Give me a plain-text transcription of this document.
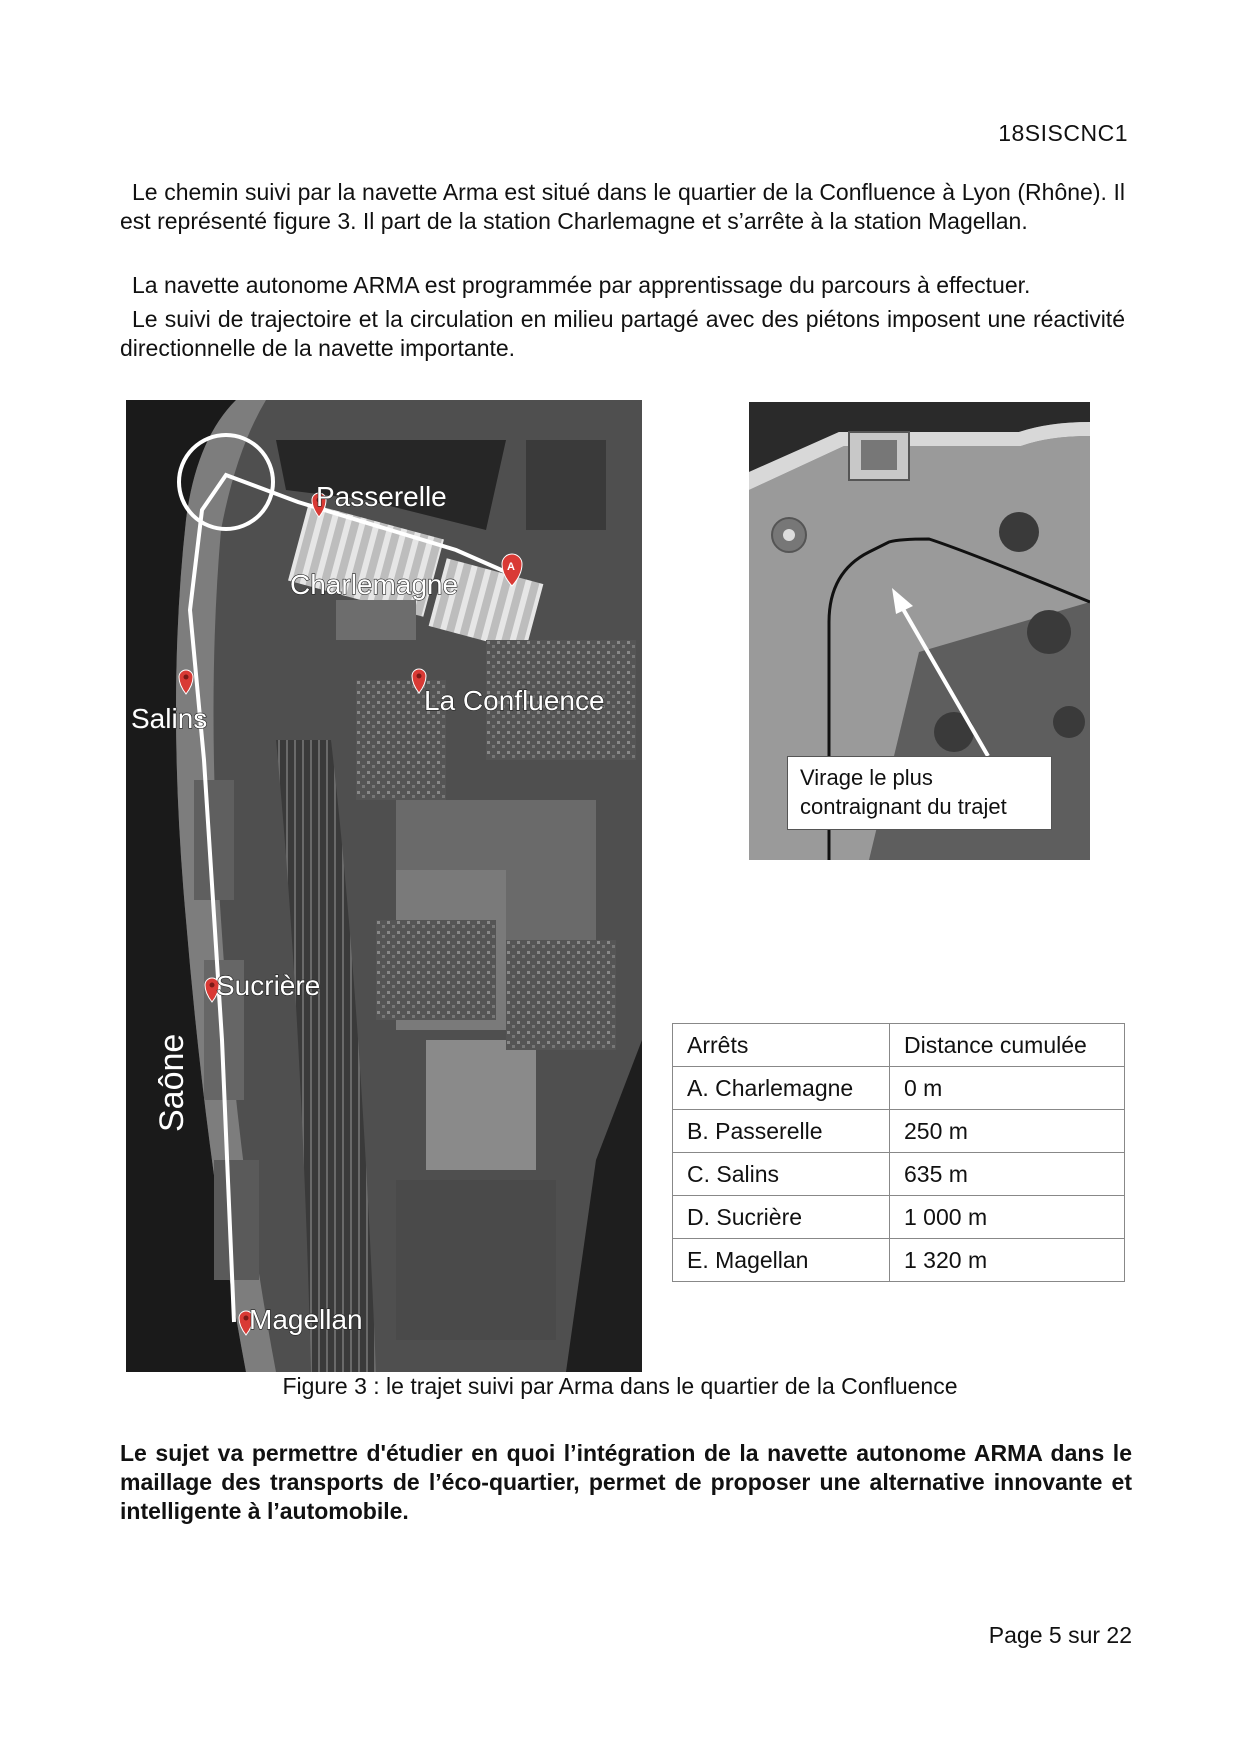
18SISCNC1

Le chemin suivi par la navette Arma est situé dans le quartier de la Confluence à Lyon (Rhône). Il est représenté figure 3. Il part de la station Charlemagne et s’arrête à la station Magellan.

La navette autonome ARMA est programmée par apprentissage du parcours à effectuer.

Le suivi de trajectoire et la circulation en milieu partagé avec des piétons imposent une réactivité directionnelle de la navette importante.

A
Passerelle
Charlemagne
La Confluence
Salins
Sucrière
Magellan
Saône
Virage le plus contraignant du trajet
Arrêts	Distance cumulée
A. Charlemagne	0 m
B. Passerelle	250 m
C. Salins	635 m
D. Sucrière	1 000 m
E. Magellan	1 320 m
Figure 3 : le trajet suivi par Arma dans le quartier de la Confluence

Le sujet va permettre d'étudier en quoi l’intégration de la navette autonome ARMA dans le maillage des transports de l’éco-quartier, permet de proposer une alternative innovante et intelligente à l’automobile.

Page 5 sur 22
